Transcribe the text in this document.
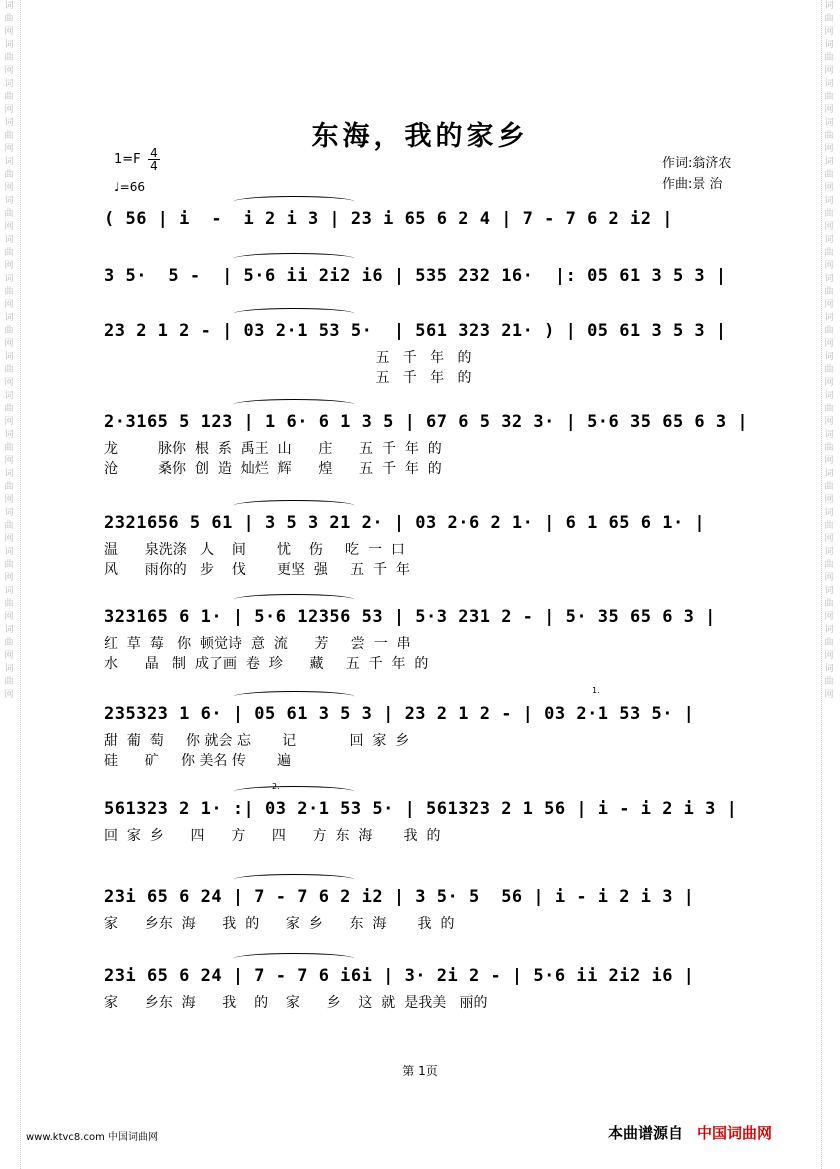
词曲网词曲网词曲网词曲网词曲网词曲网词曲网词曲网词曲网词曲网词曲网词曲网词曲网词曲网词曲网词曲网词曲网词曲网
词曲网词曲网词曲网词曲网词曲网词曲网词曲网词曲网词曲网词曲网词曲网词曲网词曲网词曲网词曲网词曲网词曲网词曲网
东海，我的家乡
1=F 4
4
♩=66
作词:翁济农
作曲:景 治
( 56 | i  -  i 2 i 3 | 23 i 65 6 2 4 | 7 - 7 6 2 i2 |
3 5·  5 -  | 5·6 ii 2i2 i6 | 535 232 16·  |: 05 61 3 5 3 |
23 2 1 2 - | 03 2·1 53 5·  | 561 323 21· ) | 05 61 3 5 3 |
五   千   年   的
五   千   年   的
2·3165 5 123 | 1 6· 6 1 3 5 | 67 6 5 32 3· | 5·6 35 65 6 3 |
龙         脉你  根  系  禹王  山      庄      五  千  年  的
沧         桑你  创  造  灿烂  辉      煌      五  千  年  的
2321656 5 61 | 3 5 3 21 2· | 03 2·6 2 1· | 6 1 65 6 1· |
温      泉洗涤   人    间       忧    伤     吃  一  口
风      雨你的   步    伐       更坚  强     五  千  年
323165 6 1· | 5·6 12356 53 | 5·3 231 2 - | 5· 35 65 6 3 |
红  草  莓   你  顿觉诗  意  流      芳     尝  一  串
水      晶   制  成了画  卷  珍      藏     五  千  年  的
235323 1 6· | 05 61 3 5 3 | 23 2 1 2 - | 03 2·1 53 5· |
甜  葡  萄     你 就会 忘       记            回  家  乡
硅      矿     你 美名 传       遍
561323 2 1· :| 03 2·1 53 5· | 561323 2 1 56 | i - i 2 i 3 |
回  家  乡      四      方      四      方  东  海       我  的
23i 65 6 24 | 7 - 7 6 2 i2 | 3 5· 5  56 | i - i 2 i 3 |
家      乡东  海      我  的      家  乡      东  海       我  的
23i 65 6 24 | 7 - 7 6 i6i | 3· 2i 2 - | 5·6 ii 2i2 i6 |
家      乡东  海      我    的    家      乡    这  就  是我美   丽的
第 1页
www.ktvc8.com 中国词曲网	本曲谱源自 中国词曲网
1.
2.
